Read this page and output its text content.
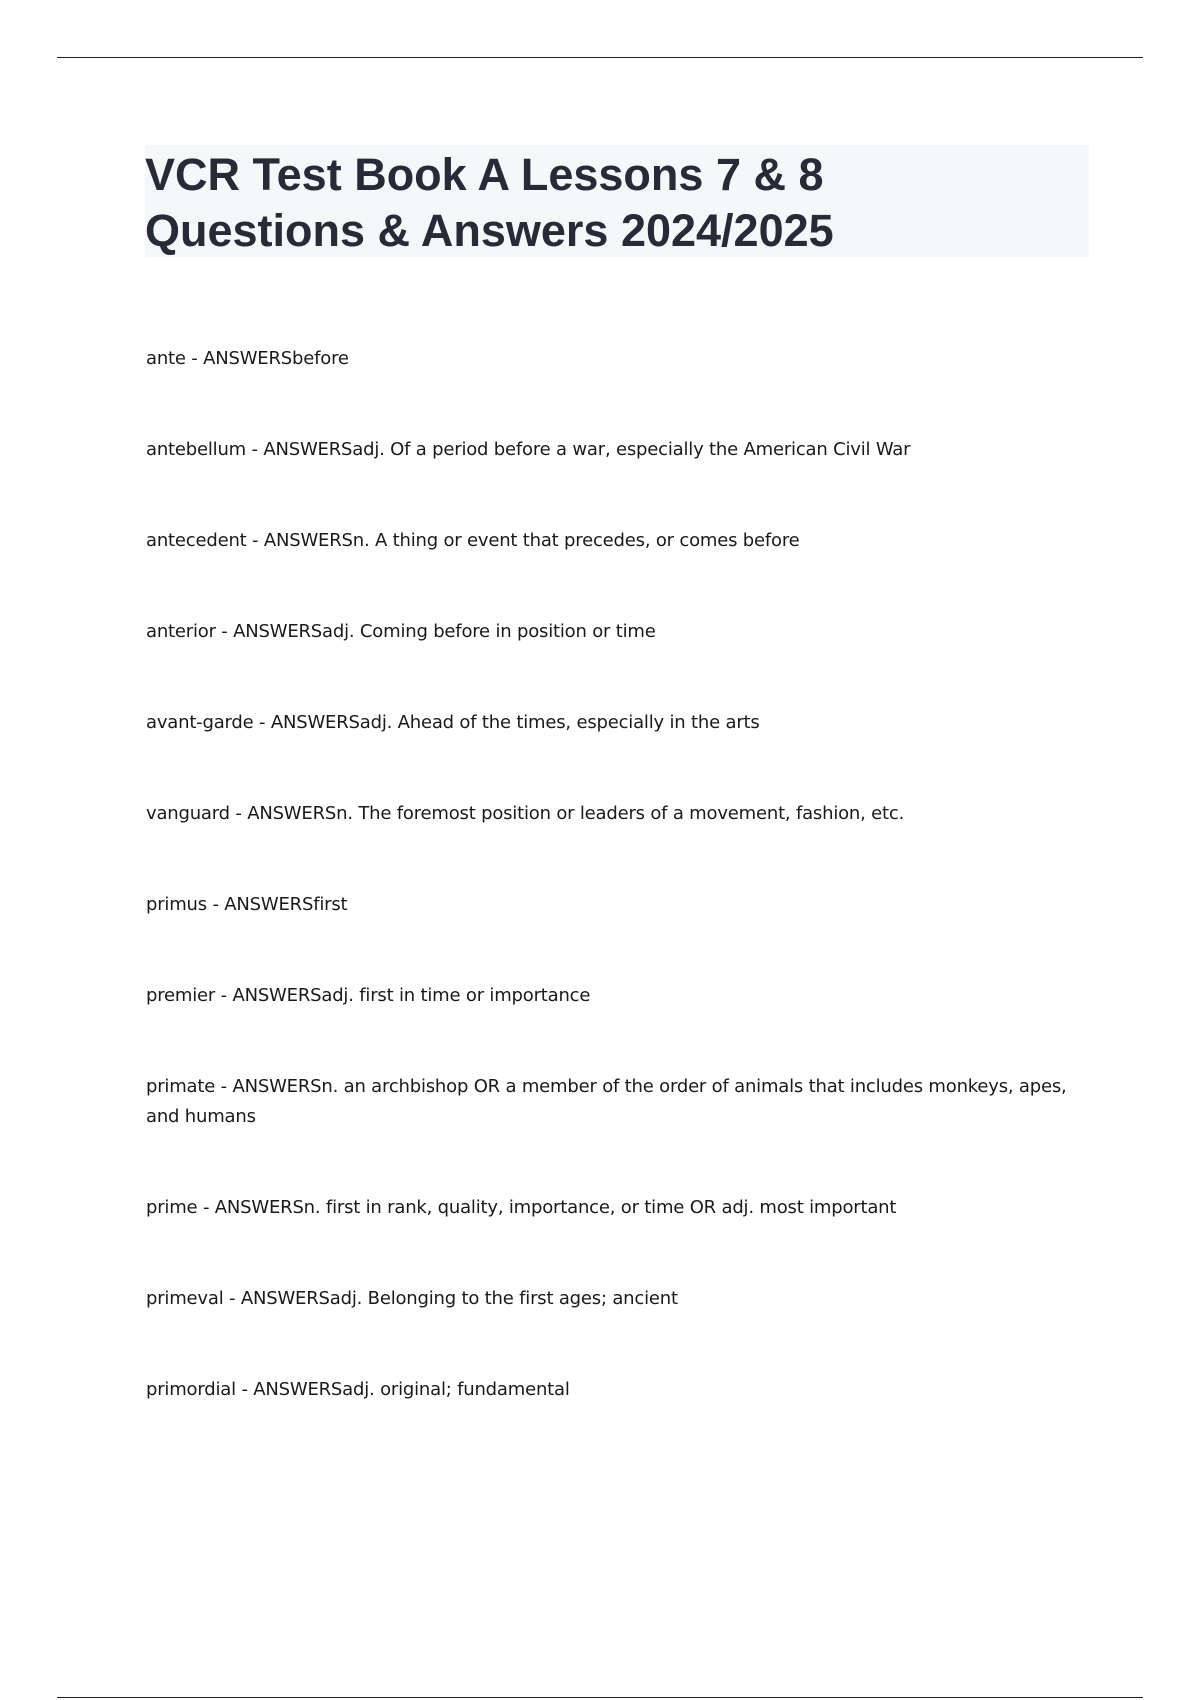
VCR Test Book A Lessons 7 & 8
Questions & Answers 2024/2025
ante - ANSWERSbefore
antebellum - ANSWERSadj. Of a period before a war, especially the American Civil War
antecedent - ANSWERSn. A thing or event that precedes, or comes before
anterior - ANSWERSadj. Coming before in position or time
avant-garde - ANSWERSadj. Ahead of the times, especially in the arts
vanguard - ANSWERSn. The foremost position or leaders of a movement, fashion, etc.
primus - ANSWERSfirst
premier - ANSWERSadj. first in time or importance
primate - ANSWERSn. an archbishop OR a member of the order of animals that includes monkeys, apes, and humans
prime - ANSWERSn. first in rank, quality, importance, or time OR adj. most important
primeval - ANSWERSadj. Belonging to the first ages; ancient
primordial - ANSWERSadj. original; fundamental
